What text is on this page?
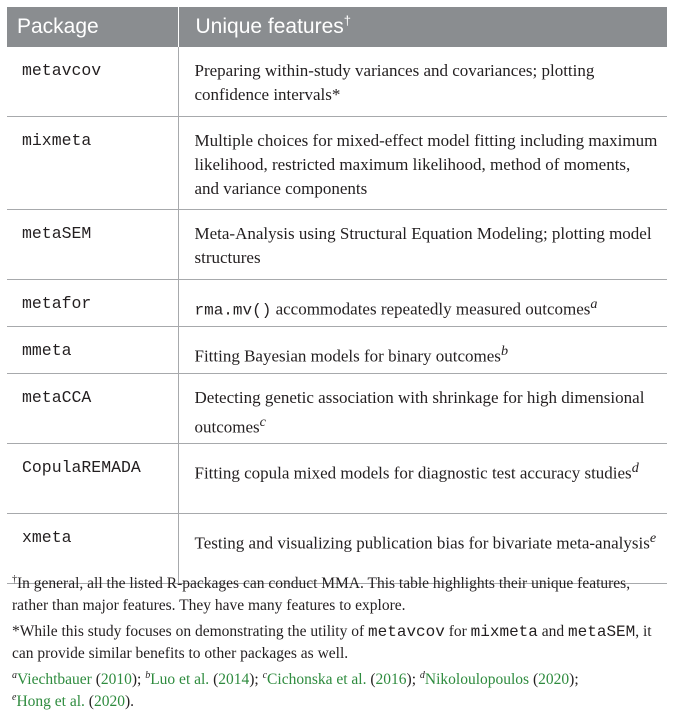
Package	Unique features†
metavcov	Preparing within-study variances and covariances; plotting confidence intervals*
mixmeta	Multiple choices for mixed-effect model fitting including maximum likelihood, restricted maximum likelihood, method of moments, and variance components
metaSEM	Meta-Analysis using Structural Equation Modeling; plotting model structures
metafor	rma.mv() accommodates repeatedly measured outcomes$^a$
mmeta	Fitting Bayesian models for binary outcomes$^b$
metaCCA	Detecting genetic association with shrinkage for high dimensional outcomes$^c$
CopulaREMADA	Fitting copula mixed models for diagnostic test accuracy studies$^d$
xmeta	Testing and visualizing publication bias for bivariate meta-analysis$^e$
†In general, all the listed R-packages can conduct MMA. This table highlights their unique features, rather than major features. They have many features to explore.
*While this study focuses on demonstrating the utility of metavcov for mixmeta and metaSEM, it can provide similar benefits to other packages as well.
$^a$Viechtbauer (2010); $^b$Luo et al. (2014); $^c$Cichonska et al. (2016); $^d$Nikoloulopoulos (2020);
$^e$Hong et al. (2020).
